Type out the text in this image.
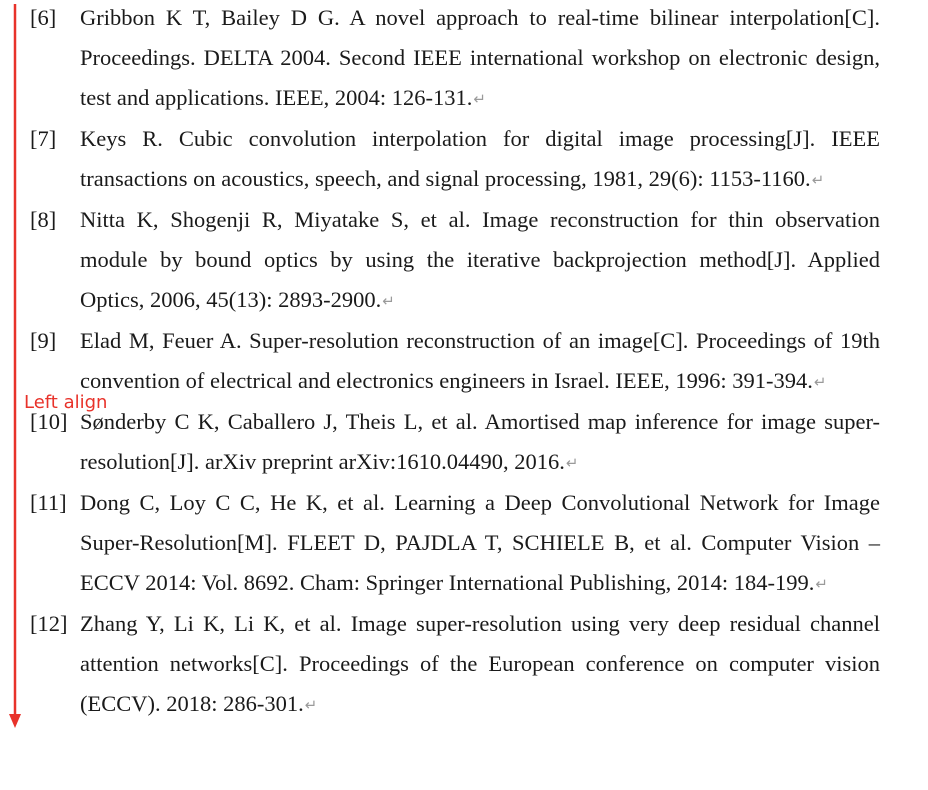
[6] Gribbon K T, Bailey D G. A novel approach to real-time bilinear interpolation[C]. Proceedings. DELTA 2004. Second IEEE international workshop on electronic design, test and applications. IEEE, 2004: 126-131.↵
[7] Keys R. Cubic convolution interpolation for digital image processing[J]. IEEE transactions on acoustics, speech, and signal processing, 1981, 29(6): 1153-1160.↵
[8] Nitta K, Shogenji R, Miyatake S, et al. Image reconstruction for thin observation module by bound optics by using the iterative backprojection method[J]. Applied Optics, 2006, 45(13): 2893-2900.↵
[9] Elad M, Feuer A. Super-resolution reconstruction of an image[C]. Proceedings of 19th convention of electrical and electronics engineers in Israel. IEEE, 1996: 391-394.↵
[10] Sønderby C K, Caballero J, Theis L, et al. Amortised map inference for image super-resolution[J]. arXiv preprint arXiv:1610.04490, 2016.↵
[11] Dong C, Loy C C, He K, et al. Learning a Deep Convolutional Network for Image Super-Resolution[M]. FLEET D, PAJDLA T, SCHIELE B, et al. Computer Vision – ECCV 2014: Vol. 8692. Cham: Springer International Publishing, 2014: 184-199.↵
[12] Zhang Y, Li K, Li K, et al. Image super-resolution using very deep residual channel attention networks[C]. Proceedings of the European conference on computer vision (ECCV). 2018: 286-301.↵
Left align
